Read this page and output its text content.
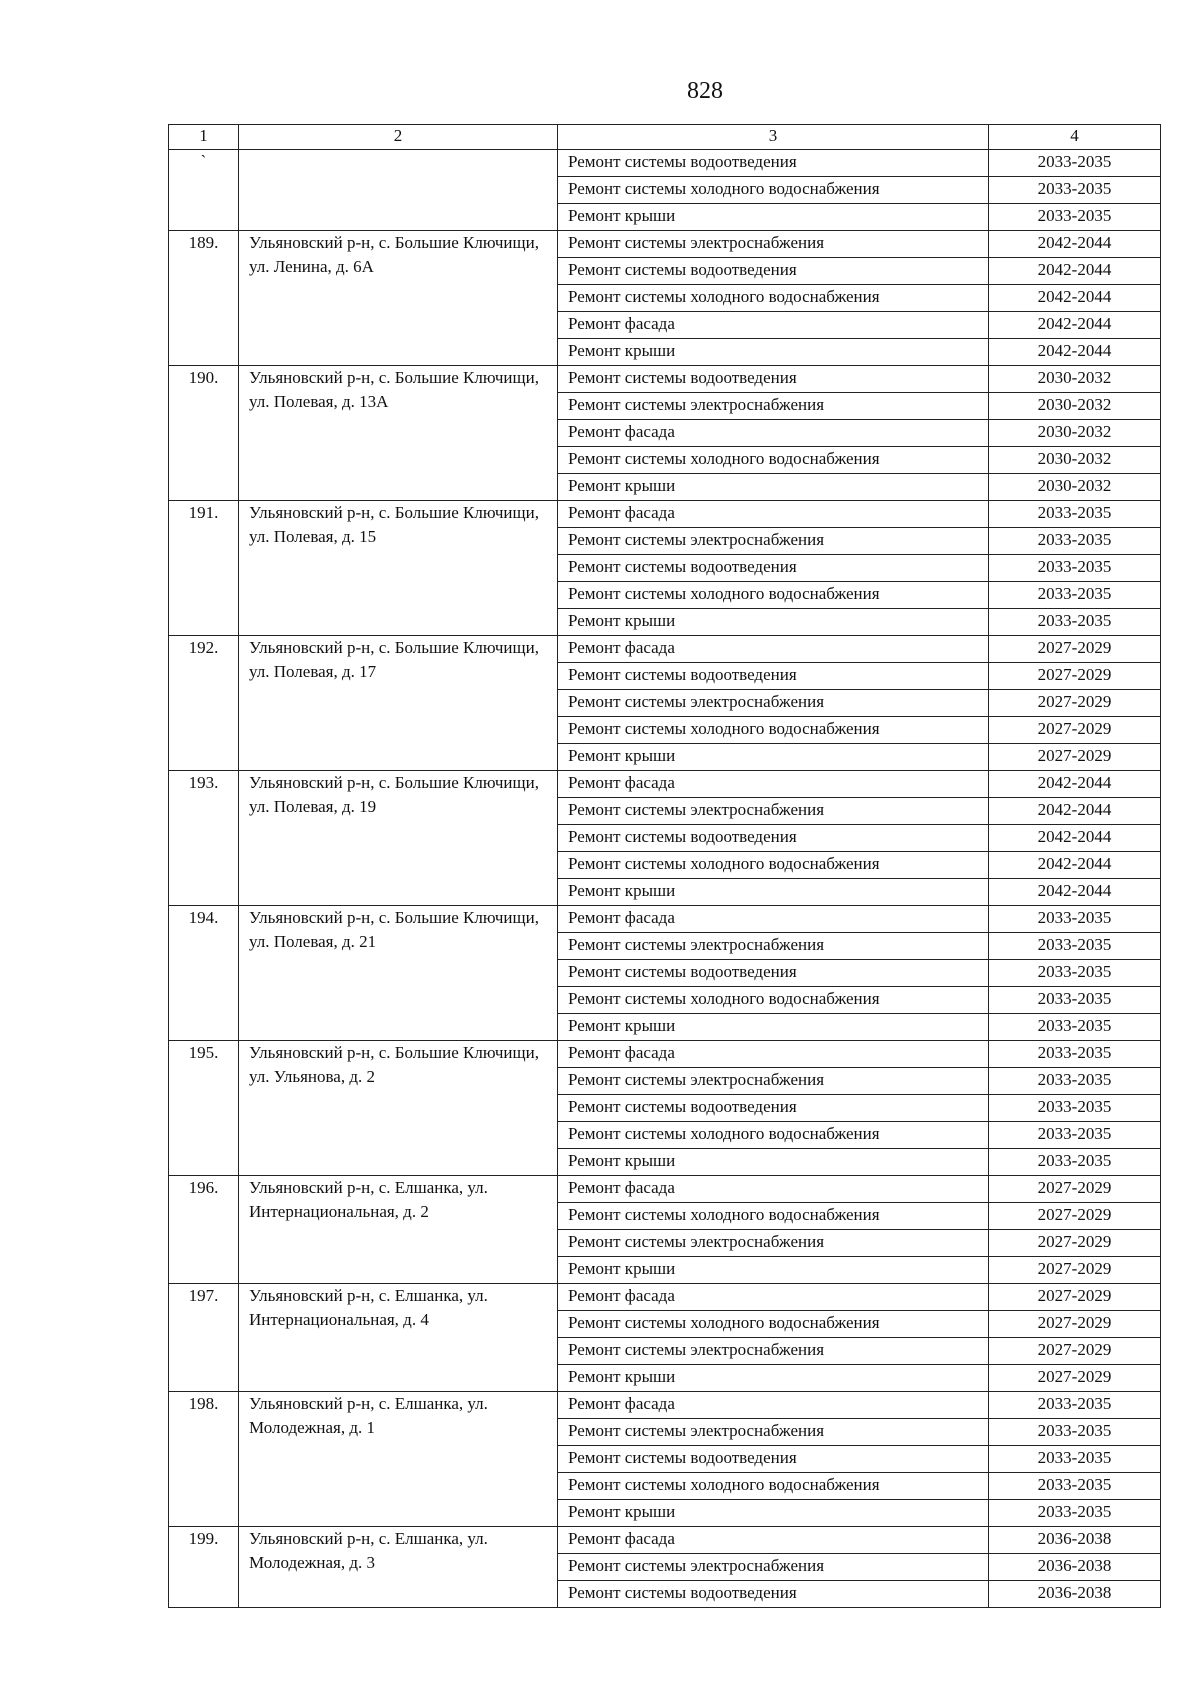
828
1	2	3	4
`		Ремонт системы водоотведения	2033-2035
		Ремонт системы холодного водоснабжения	2033-2035
		Ремонт крыши	2033-2035
189.	Ульяновский р-н, с. Большие Ключищи, ул. Ленина, д. 6А	Ремонт системы электроснабжения	2042-2044
		Ремонт системы водоотведения	2042-2044
		Ремонт системы холодного водоснабжения	2042-2044
		Ремонт фасада	2042-2044
		Ремонт крыши	2042-2044
190.	Ульяновский р-н, с. Большие Ключищи, ул. Полевая, д. 13А	Ремонт системы водоотведения	2030-2032
		Ремонт системы электроснабжения	2030-2032
		Ремонт фасада	2030-2032
		Ремонт системы холодного водоснабжения	2030-2032
		Ремонт крыши	2030-2032
191.	Ульяновский р-н, с. Большие Ключищи, ул. Полевая, д. 15	Ремонт фасада	2033-2035
		Ремонт системы электроснабжения	2033-2035
		Ремонт системы водоотведения	2033-2035
		Ремонт системы холодного водоснабжения	2033-2035
		Ремонт крыши	2033-2035
192.	Ульяновский р-н, с. Большие Ключищи, ул. Полевая, д. 17	Ремонт фасада	2027-2029
		Ремонт системы водоотведения	2027-2029
		Ремонт системы электроснабжения	2027-2029
		Ремонт системы холодного водоснабжения	2027-2029
		Ремонт крыши	2027-2029
193.	Ульяновский р-н, с. Большие Ключищи, ул. Полевая, д. 19	Ремонт фасада	2042-2044
		Ремонт системы электроснабжения	2042-2044
		Ремонт системы водоотведения	2042-2044
		Ремонт системы холодного водоснабжения	2042-2044
		Ремонт крыши	2042-2044
194.	Ульяновский р-н, с. Большие Ключищи, ул. Полевая, д. 21	Ремонт фасада	2033-2035
		Ремонт системы электроснабжения	2033-2035
		Ремонт системы водоотведения	2033-2035
		Ремонт системы холодного водоснабжения	2033-2035
		Ремонт крыши	2033-2035
195.	Ульяновский р-н, с. Большие Ключищи, ул. Ульянова, д. 2	Ремонт фасада	2033-2035
		Ремонт системы электроснабжения	2033-2035
		Ремонт системы водоотведения	2033-2035
		Ремонт системы холодного водоснабжения	2033-2035
		Ремонт крыши	2033-2035
196.	Ульяновский р-н, с. Елшанка, ул. Интернациональная, д. 2	Ремонт фасада	2027-2029
		Ремонт системы холодного водоснабжения	2027-2029
		Ремонт системы электроснабжения	2027-2029
		Ремонт крыши	2027-2029
197.	Ульяновский р-н, с. Елшанка, ул. Интернациональная, д. 4	Ремонт фасада	2027-2029
		Ремонт системы холодного водоснабжения	2027-2029
		Ремонт системы электроснабжения	2027-2029
		Ремонт крыши	2027-2029
198.	Ульяновский р-н, с. Елшанка, ул. Молодежная, д. 1	Ремонт фасада	2033-2035
		Ремонт системы электроснабжения	2033-2035
		Ремонт системы водоотведения	2033-2035
		Ремонт системы холодного водоснабжения	2033-2035
		Ремонт крыши	2033-2035
199.	Ульяновский р-н, с. Елшанка, ул. Молодежная, д. 3	Ремонт фасада	2036-2038
		Ремонт системы электроснабжения	2036-2038
		Ремонт системы водоотведения	2036-2038
